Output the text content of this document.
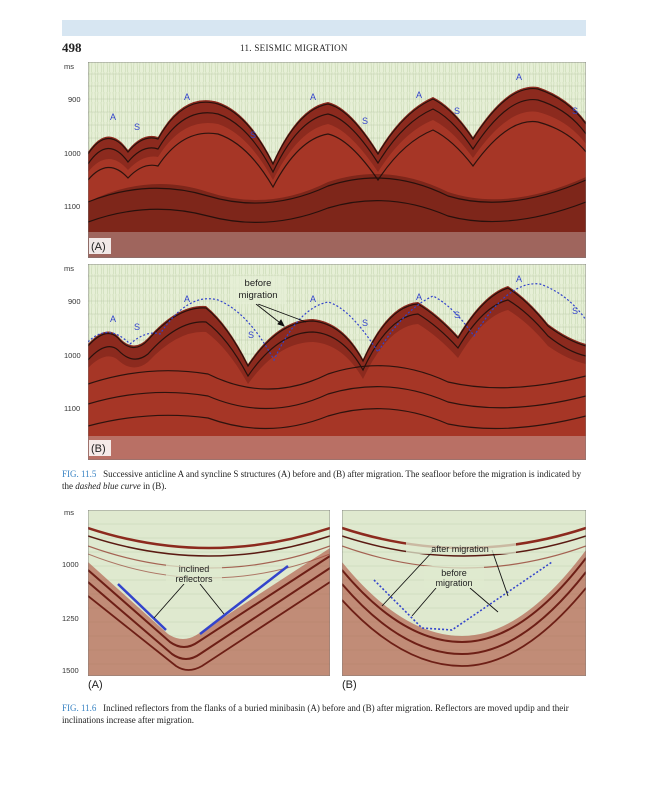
498	11. SEISMIC MIGRATION
ms
900
1000
1100
A
A	A	A
A
S
S
S
S	S
(A)
ms
900
1000
1100
before
migration
A
A	A	A
A
S
S
S
S	S
(B)
FIG. 11.5 Successive anticline A and syncline S structures (A) before and (B) after migration. The seafloor before the migration is indicated by the dashed blue curve in (B).
ms
1000
1250
1500
inclined
reflectors
(A)
after migration
before
migration
(B)
FIG. 11.6 Inclined reflectors from the flanks of a buried minibasin (A) before and (B) after migration. Reflectors are moved updip and their inclinations increase after migration.
